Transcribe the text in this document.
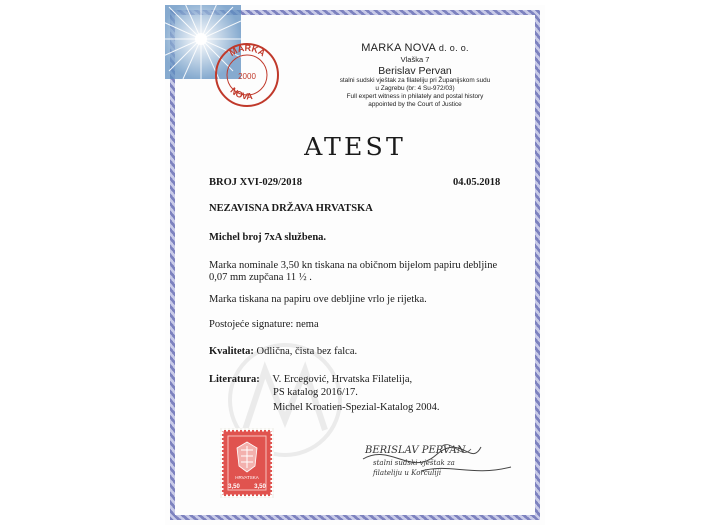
MARKA
NOVA
2000
MARKA NOVA d. o. o.
Vlaška 7
Berislav Pervan
stalni sudski vještak za filateliju pri Županijskom sudu
u Zagrebu (br: 4 Su-972/03)
Full expert witness in philately and postal history
appointed by the Court of Justice
ATEST
BROJ XVI-029/2018	04.05.2018
NEZAVISNA DRŽAVA HRVATSKA
Michel broj 7xA službena.
Marka nominale 3,50 kn tiskana na običnom bijelom papiru debljine
0,07 mm zupčana 11 ½ .
Marka tiskana na papiru ove debljine vrlo je rijetka.
Postojeće signature: nema
Kvaliteta: Odlična, čista bez falca.
Literatura: V. Ercegović, Hrvatska Filatelija,
PS katalog 2016/17.
Michel Kroatien-Spezial-Katalog 2004.
HRVATSKA
3,50 3,50
BERISLAV PERVAN
stalni sudski vještak za
filateliju u Korčuliji
